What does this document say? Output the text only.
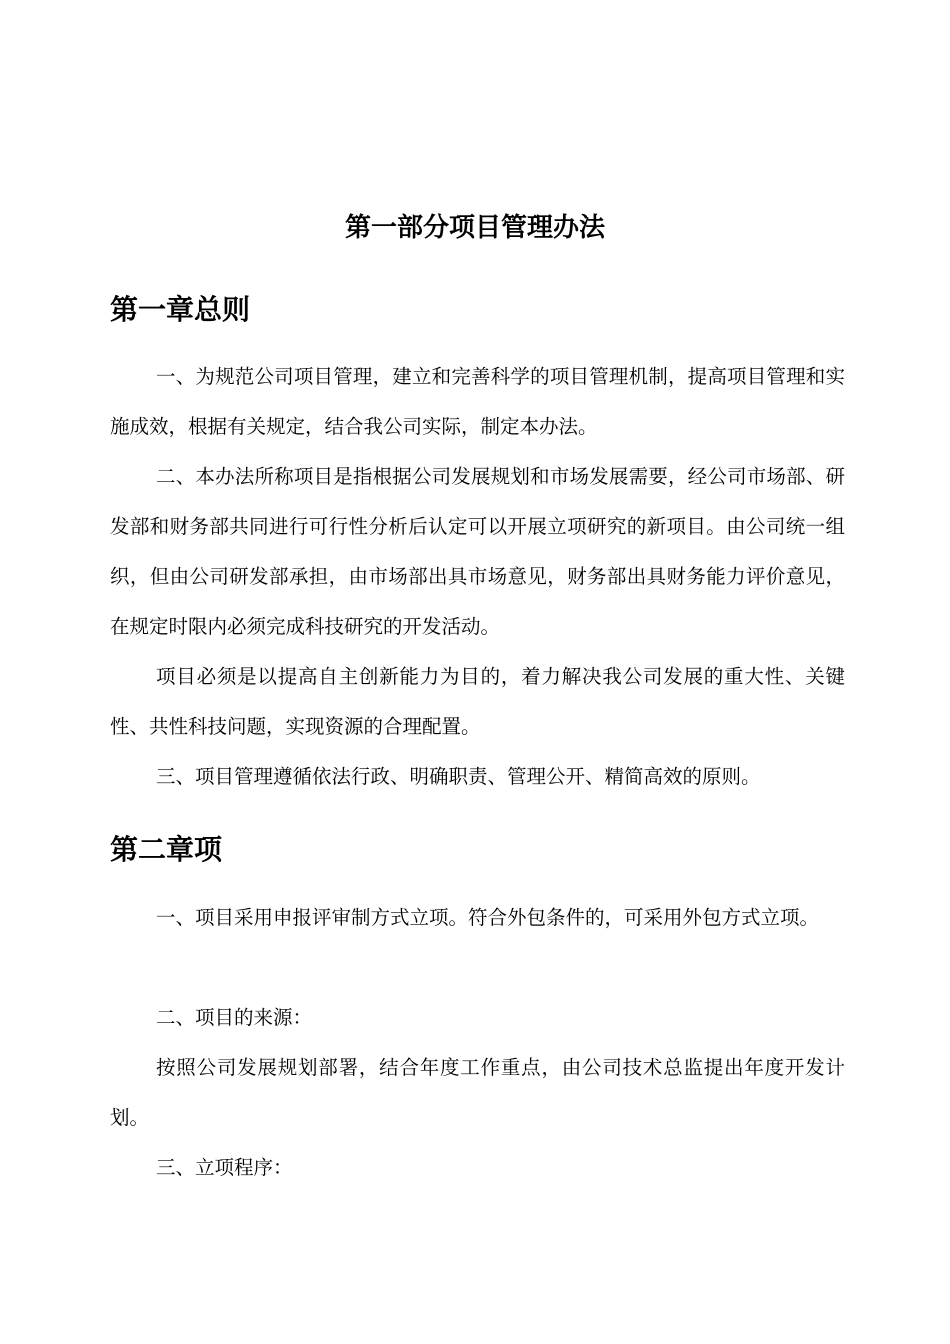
第一部分项目管理办法
第一章总则

一、为规范公司项目管理，建立和完善科学的项目管理机制，提高项目管理和实施成效，根据有关规定，结合我公司实际，制定本办法。

二、本办法所称项目是指根据公司发展规划和市场发展需要，经公司市场部、研发部和财务部共同进行可行性分析后认定可以开展立项研究的新项目。由公司统一组织，但由公司研发部承担，由市场部出具市场意见，财务部出具财务能力评价意见，在规定时限内必须完成科技研究的开发活动。

项目必须是以提高自主创新能力为目的，着力解决我公司发展的重大性、关键性、共性科技问题，实现资源的合理配置。

三、项目管理遵循依法行政、明确职责、管理公开、精简高效的原则。

第二章项

一、项目采用申报评审制方式立项。符合外包条件的，可采用外包方式立项。

二、项目的来源：

按照公司发展规划部署，结合年度工作重点，由公司技术总监提出年度开发计划。

三、立项程序：
